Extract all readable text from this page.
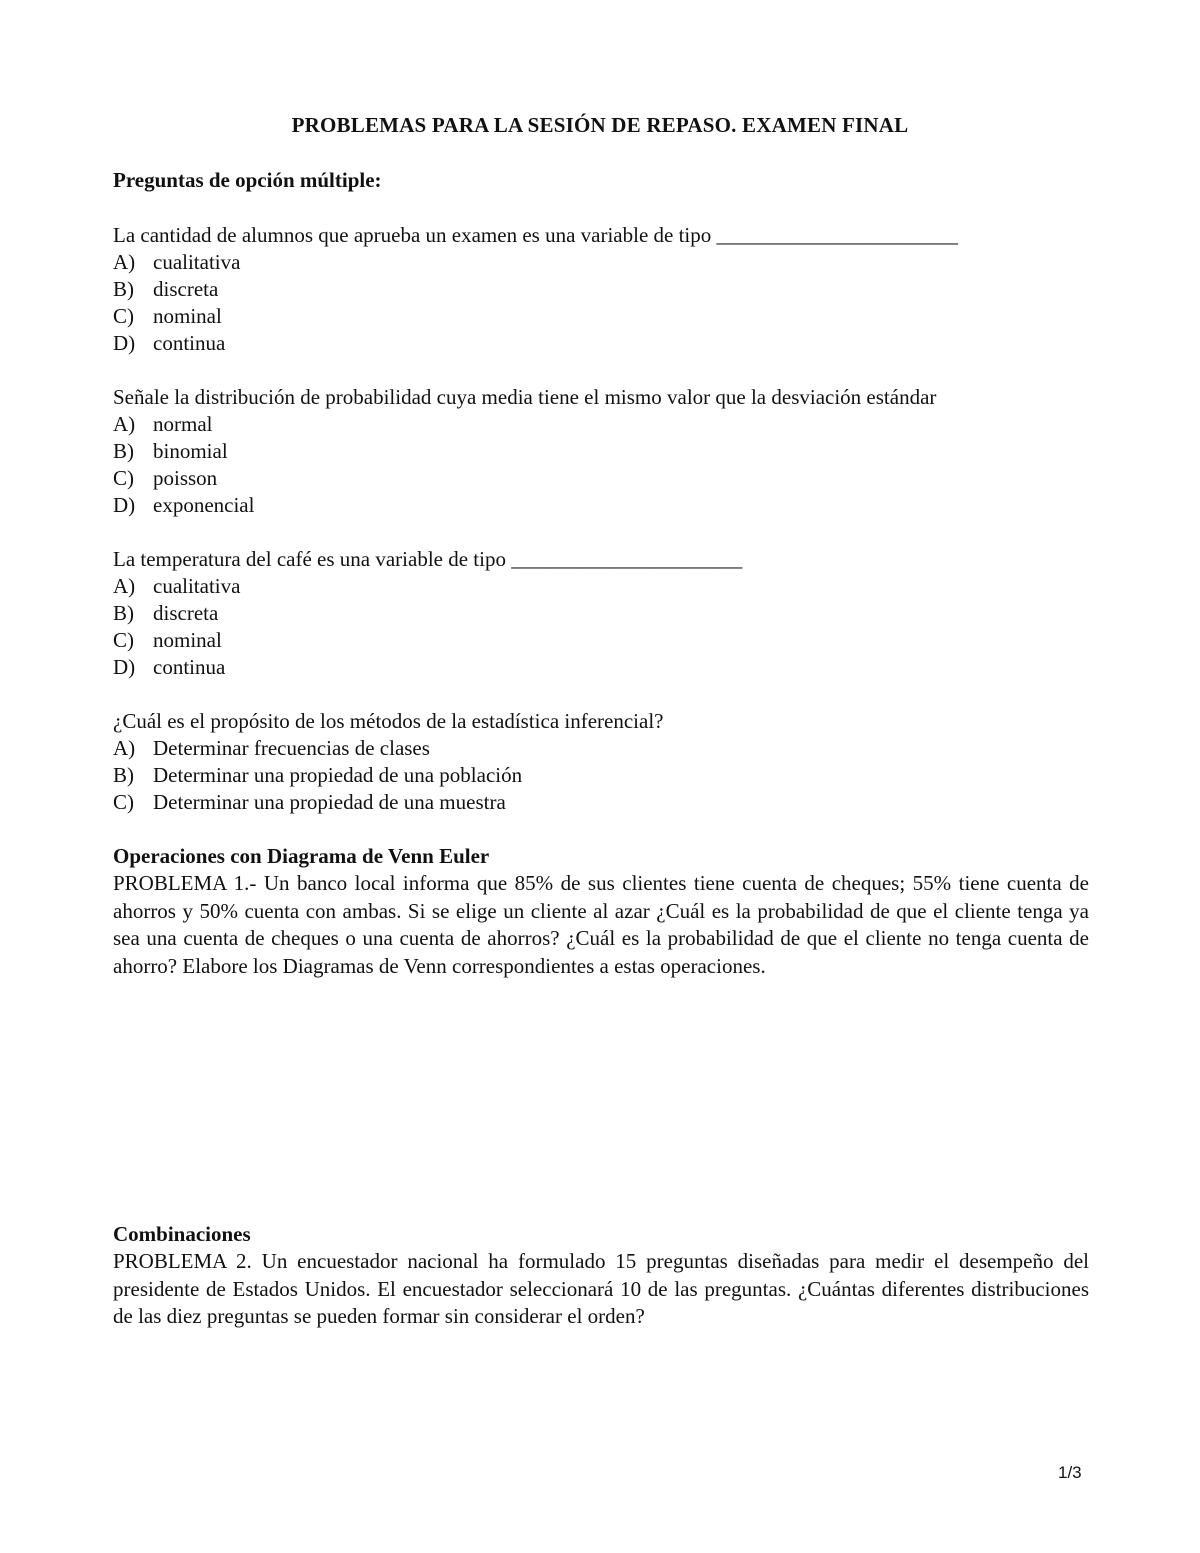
PROBLEMAS PARA LA SESIÓN DE REPASO. EXAMEN FINAL
Preguntas de opción múltiple:
La cantidad de alumnos que aprueba un examen es una variable de tipo _______________________
A) cualitativa
B) discreta
C) nominal
D) continua
Señale la distribución de probabilidad cuya media tiene el mismo valor que la desviación estándar
A) normal
B) binomial
C) poisson
D) exponencial
La temperatura del café es una variable de tipo ______________________
A) cualitativa
B) discreta
C) nominal
D) continua
¿Cuál es el propósito de los métodos de la estadística inferencial?
A) Determinar frecuencias de clases
B) Determinar una propiedad de una población
C) Determinar una propiedad de una muestra
Operaciones con Diagrama de Venn Euler

PROBLEMA 1.- Un banco local informa que 85% de sus clientes tiene cuenta de cheques; 55% tiene cuenta de ahorros y 50% cuenta con ambas. Si se elige un cliente al azar ¿Cuál es la probabilidad de que el cliente tenga ya sea una cuenta de cheques o una cuenta de ahorros? ¿Cuál es la probabilidad de que el cliente no tenga cuenta de ahorro? Elabore los Diagramas de Venn correspondientes a estas operaciones.

Combinaciones

PROBLEMA 2. Un encuestador nacional ha formulado 15 preguntas diseñadas para medir el desempeño del presidente de Estados Unidos. El encuestador seleccionará 10 de las preguntas. ¿Cuántas diferentes distribuciones de las diez preguntas se pueden formar sin considerar el orden?

1/3
